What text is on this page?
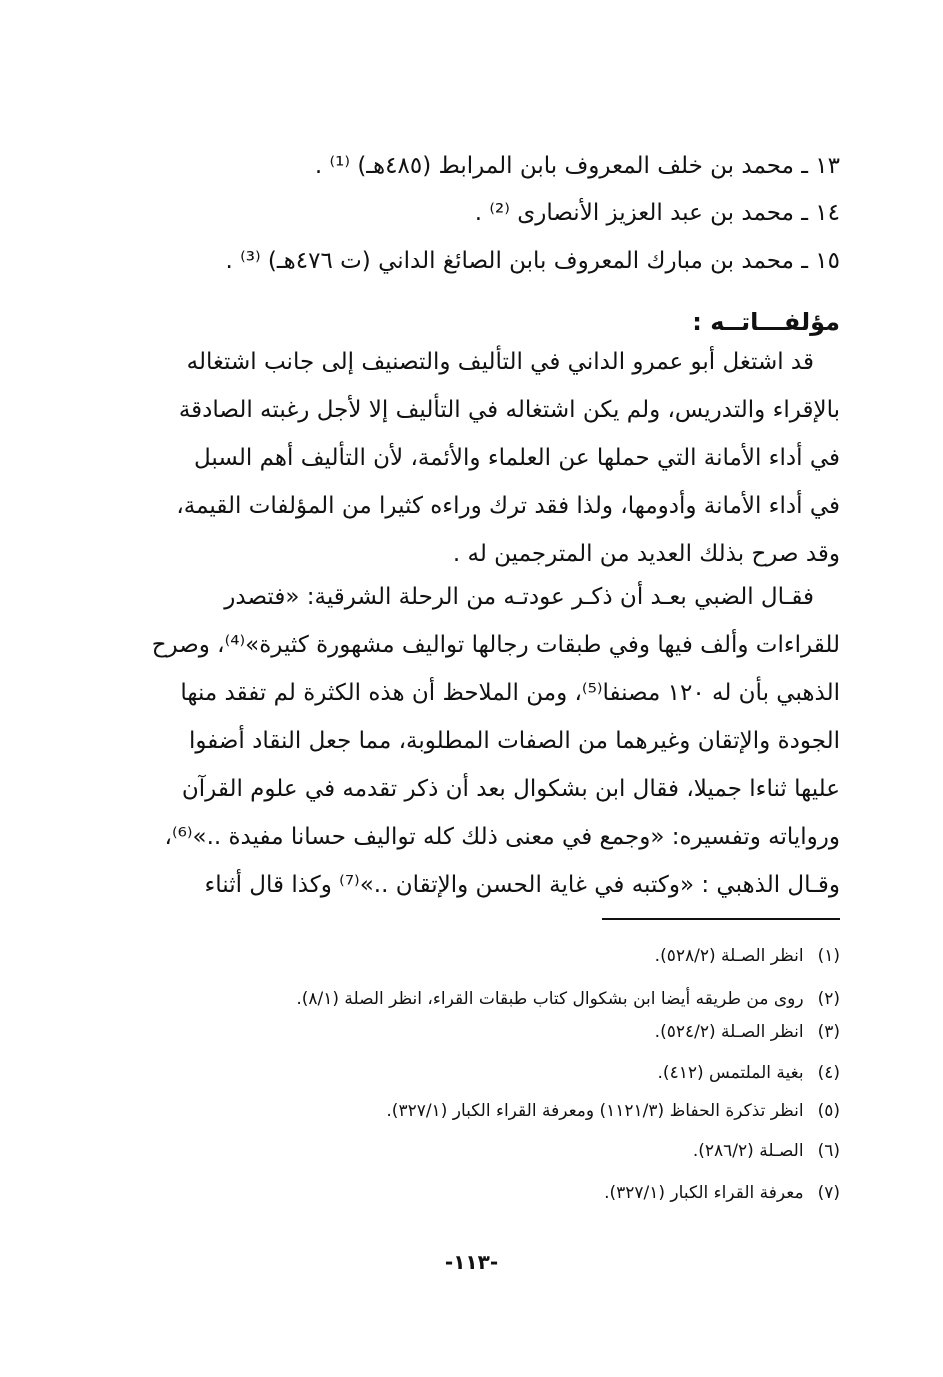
١٣ ـ محمد بن خلف المعروف بابن المرابط (٤٨٥هـ) ⁽¹⁾ .
١٤ ـ محمد بن عبد العزيز الأنصارى ⁽²⁾ .
١٥ ـ محمد بن مبارك المعروف بابن الصائغ الداني (ت ٤٧٦هـ) ⁽³⁾ .
مؤلفـــاتــه :
قد اشتغل أبو عمرو الداني في التأليف والتصنيف إلى جانب اشتغاله
بالإقراء والتدريس، ولم يكن اشتغاله في التأليف إلا لأجل رغبته الصادقة
في أداء الأمانة التي حملها عن العلماء والأئمة، لأن التأليف أهم السبل
في أداء الأمانة وأدومها، ولذا فقد ترك وراءه كثيرا من المؤلفات القيمة،
وقد صرح بذلك العديد من المترجمين له .
فقـال الضبي بعـد أن ذكـر عودتـه من الرحلة الشرقية: «فتصدر
للقراءات وألف فيها وفي طبقات رجالها تواليف مشهورة كثيرة»⁽⁴⁾، وصرح
الذهبي بأن له ١٢٠ مصنفا⁽⁵⁾، ومن الملاحظ أن هذه الكثرة لم تفقد منها
الجودة والإتقان وغيرهما من الصفات المطلوبة، مما جعل النقاد أضفوا
عليها ثناءا جميلا، فقال ابن بشكوال بعد أن ذكر تقدمه في علوم القرآن
ورواياته وتفسيره: «وجمع في معنى ذلك كله تواليف حسانا مفيدة ..»⁽⁶⁾،
وقـال الذهبي : «وكتبه في غاية الحسن والإتقان ..»⁽⁷⁾ وكذا قال أثناء
(١)انظر الصـلة (٥٢٨/٢).
(٢)روى من طريقه أيضا ابن بشكوال كتاب طبقات القراء، انظر الصلة (٨/١).
(٣)انظر الصـلة (٥٢٤/٢).
(٤)بغية الملتمس (٤١٢).
(٥)انظر تذكرة الحفاظ (١١٢١/٣) ومعرفة القراء الكبار (٣٢٧/١).
(٦)الصـلة (٢٨٦/٢).
(٧)معرفة القراء الكبار (٣٢٧/١).
-١١٣-
